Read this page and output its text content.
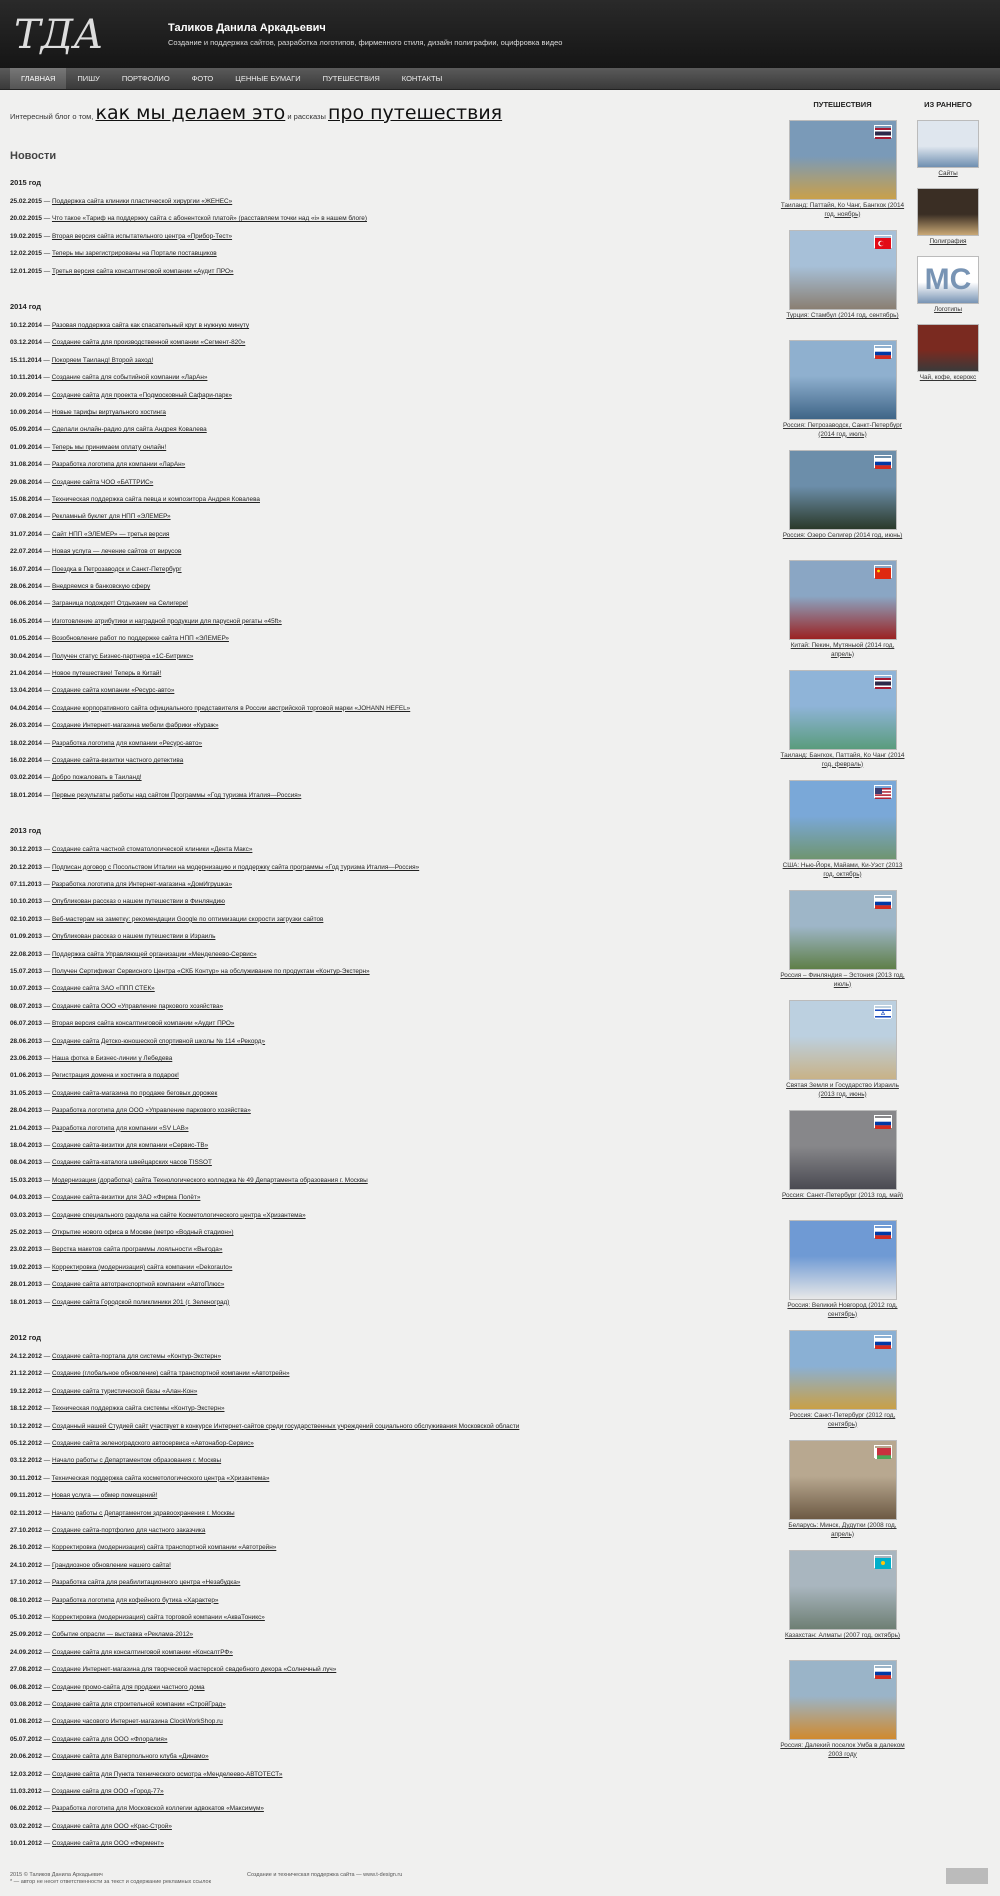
ТДА	Таликов Данила Аркадьевич
Создание и поддержка сайтов, разработка логотипов, фирменного стиля, дизайн полиграфии, оцифровка видео
ГЛАВНАЯ	ПИШУ	ПОРТФОЛИО	ФОТО	ЦЕННЫЕ БУМАГИ	ПУТЕШЕСТВИЯ	КОНТАКТЫ
Интересный блог о том, как мы делаем это и рассказы про путешествия
Новости
2015 год
25.02.2015 — Поддержка сайта клиники пластической хирургии «ЖЕНЕС»
20.02.2015 — Что такое «Тариф на поддержку сайта с абонентской платой» (расставляем точки над «i» в нашем блоге)
19.02.2015 — Вторая версия сайта испытательного центра «Прибор-Тест»
12.02.2015 — Теперь мы зарегистрированы на Портале поставщиков
12.01.2015 — Третья версия сайта консалтинговой компании «Аудит ПРО»
2014 год
10.12.2014 — Разовая поддержка сайта как спасательный круг в нужную минуту
03.12.2014 — Создание сайта для производственной компании «Сегмент-820»
15.11.2014 — Покоряем Таиланд! Второй заход!
10.11.2014 — Создание сайта для событийной компании «ЛарАн»
20.09.2014 — Создание сайта для проекта «Подмосковный Сафари-парк»
10.09.2014 — Новые тарифы виртуального хостинга
05.09.2014 — Сделали онлайн-радио для сайта Андрея Ковалева
01.09.2014 — Теперь мы принимаем оплату онлайн!
31.08.2014 — Разработка логотипа для компании «ЛарАн»
29.08.2014 — Создание сайта ЧОО «БАТТРИС»
15.08.2014 — Техническая поддержка сайта певца и композитора Андрея Ковалева
07.08.2014 — Рекламный буклет для НПП «ЭЛЕМЕР»
31.07.2014 — Сайт НПП «ЭЛЕМЕР» — третья версия
22.07.2014 — Новая услуга — лечение сайтов от вирусов
16.07.2014 — Поездка в Петрозаводск и Санкт-Петербург
28.06.2014 — Внедряемся в банковскую сферу
06.06.2014 — Заграница подождет! Отдыхаем на Селигере!
16.05.2014 — Изготовление атрибутики и наградной продукции для парусной регаты «45ft»
01.05.2014 — Возобновление работ по поддержке сайта НПП «ЭЛЕМЕР»
30.04.2014 — Получен статус Бизнес-партнера «1С-Битрикс»
21.04.2014 — Новое путешествие! Теперь в Китай!
13.04.2014 — Создание сайта компании «Ресурс-авто»
04.04.2014 — Создание корпоративного сайта официального представителя в России австрийской торговой марки «JOHANN HEFEL»
26.03.2014 — Создание Интернет-магазина мебели фабрики «Кураж»
18.02.2014 — Разработка логотипа для компании «Ресурс-авто»
16.02.2014 — Создание сайта-визитки частного детектива
03.02.2014 — Добро пожаловать в Таиланд!
18.01.2014 — Первые результаты работы над сайтом Программы «Год туризма Италия—Россия»
2013 год
30.12.2013 — Создание сайта частной стоматологической клиники «Дента Макс»
20.12.2013 — Подписан договор с Посольством Италии на модернизацию и поддержку сайта программы «Год туризма Италия—Россия»
07.11.2013 — Разработка логотипа для Интернет-магазина «ДомИгрушка»
10.10.2013 — Опубликован рассказ о нашем путешествии в Финляндию
02.10.2013 — Веб-мастерам на заметку: рекомендации Google по оптимизации скорости загрузки сайтов
01.09.2013 — Опубликован рассказ о нашем путешествии в Израиль
22.08.2013 — Поддержка сайта Управляющей организации «Менделеево-Сервис»
15.07.2013 — Получен Сертификат Сервисного Центра «СКБ Контур» на обслуживание по продуктам «Контур-Экстерн»
10.07.2013 — Создание сайта ЗАО «ППП СТЕК»
08.07.2013 — Создание сайта ООО «Управление паркового хозяйства»
06.07.2013 — Вторая версия сайта консалтинговой компании «Аудит ПРО»
28.06.2013 — Создание сайта Детско-юношеской спортивной школы № 114 «Рекорд»
23.06.2013 — Наша фотка в Бизнес-линии у Лебедева
01.06.2013 — Регистрация домена и хостинга в подарок!
31.05.2013 — Создание сайта-магазина по продаже беговых дорожек
28.04.2013 — Разработка логотипа для ООО «Управление паркового хозяйства»
21.04.2013 — Разработка логотипа для компании «SV LAB»
18.04.2013 — Создание сайта-визитки для компании «Сервис-ТВ»
08.04.2013 — Создание сайта-каталога швейцарских часов TISSOT
15.03.2013 — Модернизация (доработка) сайта Технологического колледжа № 49 Департамента образования г. Москвы
04.03.2013 — Создание сайта-визитки для ЗАО «Фирма Полёт»
03.03.2013 — Создание специального раздела на сайте Косметологического центра «Хризантема»
25.02.2013 — Открытие нового офиса в Москве (метро «Водный стадион»)
23.02.2013 — Верстка макетов сайта программы лояльности «Выгода»
19.02.2013 — Корректировка (модернизация) сайта компании «Dekorauto»
28.01.2013 — Создание сайта автотранспортной компании «АвтоПлюс»
18.01.2013 — Создание сайта Городской поликлиники 201 (г. Зеленоград)
2012 год
24.12.2012 — Создание сайта-портала для системы «Контур-Экстерн»
21.12.2012 — Создание (глобальное обновление) сайта транспортной компании «Автотрейн»
19.12.2012 — Создание сайта туристической базы «Алан-Кон»
18.12.2012 — Техническая поддержка сайта системы «Контур-Экстерн»
10.12.2012 — Созданный нашей Студией сайт участвует в конкурсе Интернет-сайтов среди государственных учреждений социального обслуживания Московской области
05.12.2012 — Создание сайта зеленоградского автосервиса «Автонабор-Сервис»
03.12.2012 — Начало работы с Департаментом образования г. Москвы
30.11.2012 — Техническая поддержка сайта косметологического центра «Хризантема»
09.11.2012 — Новая услуга — обмер помещений!
02.11.2012 — Начало работы с Департаментом здравоохранения г. Москвы
27.10.2012 — Создание сайта-портфолио для частного заказчика
26.10.2012 — Корректировка (модернизация) сайта транспортной компании «Автотрейн»
24.10.2012 — Грандиозное обновление нашего сайта!
17.10.2012 — Разработка сайта для реабилитационного центра «Незабудка»
08.10.2012 — Разработка логотипа для кофейного бутика «Характер»
05.10.2012 — Корректировка (модернизация) сайта торговой компании «АкваТоникс»
25.09.2012 — Событие опрасли — выставка «Реклама-2012»
24.09.2012 — Создание сайта для консалтинговой компании «КонсалтРФ»
27.08.2012 — Создание Интернет-магазина для творческой мастерской свадебного декора «Солнечный луч»
06.08.2012 — Создание промо-сайта для продажи частного дома
03.08.2012 — Создание сайта для строительной компании «СтройГрад»
01.08.2012 — Создание часового Интернет-магазина ClockWorkShop.ru
05.07.2012 — Создание сайта для ООО «Флоралия»
20.06.2012 — Создание сайта для Ватерпольного клуба «Динамо»
12.03.2012 — Создание сайта для Пункта технического осмотра «Менделеево-АВТОТЕСТ»
11.03.2012 — Создание сайта для ООО «Город-77»
06.02.2012 — Разработка логотипа для Московской коллегии адвокатов «Максимум»
03.02.2012 — Создание сайта для ООО «Крас-Строй»
10.01.2012 — Создание сайта для ООО «Фермент»
ПУТЕШЕСТВИЯ
Таиланд: Паттайя, Ко Чанг, Бангкок (2014 год, ноябрь)
Турция: Стамбул (2014 год, сентябрь)
Россия: Петрозаводск, Санкт-Петербург (2014 год, июль)
Россия: Озеро Селигер (2014 год, июнь)
Китай: Пекин, Мутяньюй (2014 год, апрель)
Таиланд: Бангкок, Паттайя, Ко Чанг (2014 год, февраль)
США: Нью-Йорк, Майами, Ки-Уэст (2013 год, октябрь)
Россия – Финляндия – Эстония (2013 год, июль)
Святая Земля и Государство Израиль (2013 год, июнь)
Россия: Санкт-Петербург (2013 год, май)
Россия: Великий Новгород (2012 год, сентябрь)
Россия: Санкт-Петербург (2012 год, сентябрь)
Беларусь: Минск, Дудутки (2008 год, апрель)
Казахстан: Алматы (2007 год, октябрь)
Россия: Далекий поселок Умба в далеком 2003 году
ИЗ РАННЕГО
Сайты
Полиграфия
МС
Логотипы
Чай, кофе, ксерокс
2015 © Таликов Данила Аркадьевич
* — автор не несет ответственности за текст и содержание рекламных ссылок
Создание и техническая поддержка сайта — www.t-design.ru
